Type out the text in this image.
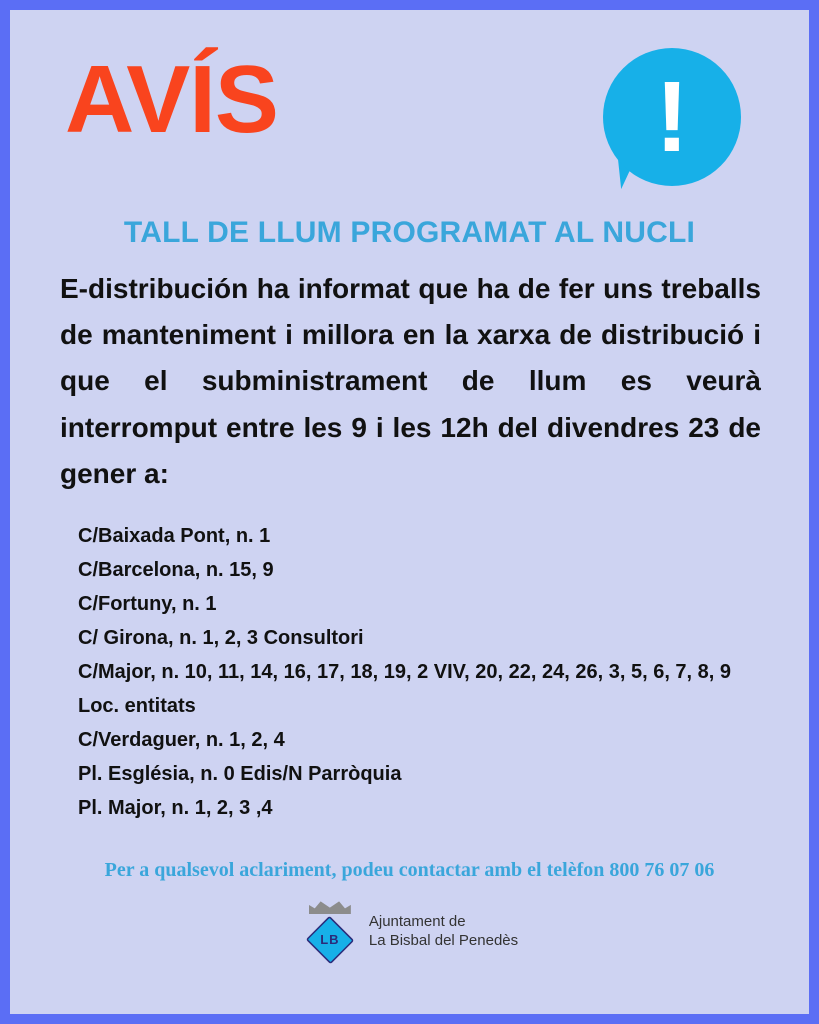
AVÍS	!
TALL DE LLUM PROGRAMAT AL NUCLI

E-distribución ha informat que ha de fer uns treballs de manteniment i millora en la xarxa de distribució i que el subministrament de llum es veurà interromput entre les 9 i les 12h del divendres 23 de gener a:

C/Baixada Pont, n. 1
C/Barcelona, n. 15, 9
C/Fortuny, n. 1
C/ Girona, n. 1, 2, 3 Consultori
C/Major, n. 10, 11, 14, 16, 17, 18, 19, 2 VIV, 20, 22, 24, 26, 3, 5, 6, 7, 8, 9 Loc. entitats
C/Verdaguer, n. 1, 2, 4
Pl. Església, n. 0 Edis/N Parròquia
Pl. Major, n. 1, 2, 3 ,4
Per a qualsevol aclariment, podeu contactar amb el telèfon 800 76 07 06
LB
Ajuntament de
La Bisbal del Penedès
